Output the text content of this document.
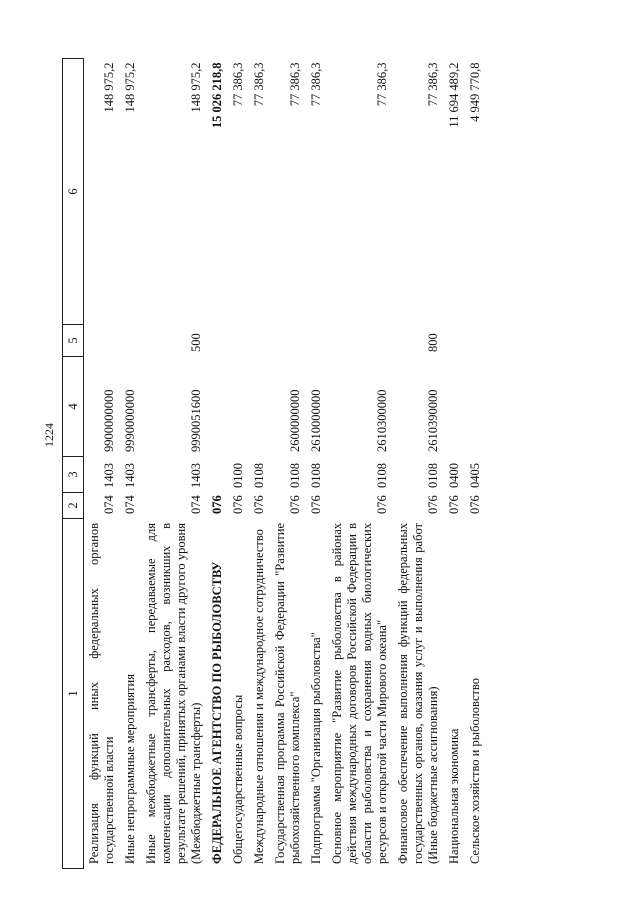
1224
1	2	3	4	5	6
Реализация функций иных федеральных органов государственной власти	074	1403	9900000000		148 975,2
Иные непрограммные мероприятия	074	1403	9990000000		148 975,2
Иные межбюджетные трансферты, передаваемые для компенсации дополнительных расходов, возникших в результате решений, принятых органами власти другого уровня (Межбюджетные трансферты)	074	1403	9990051600	500	148 975,2
ФЕДЕРАЛЬНОЕ АГЕНТСТВО ПО РЫБОЛОВСТВУ	076				15 026 218,8
Общегосударственные вопросы	076	0100			77 386,3
Международные отношения и международное сотрудничество	076	0108			77 386,3
Государственная программа Российской Федерации "Развитие рыбохозяйственного комплекса"	076	0108	2600000000		77 386,3
Подпрограмма "Организация рыболовства"	076	0108	2610000000		77 386,3
Основное мероприятие "Развитие рыболовства в районах действия международных договоров Российской Федерации в области рыболовства и сохранения водных биологических ресурсов и открытой части Мирового океана"	076	0108	2610300000		77 386,3
Финансовое обеспечение выполнения функций федеральных государственных органов, оказания услуг и выполнения работ (Иные бюджетные ассигнования)	076	0108	2610390000	800	77 386,3
Национальная экономика	076	0400			11 694 489,2
Сельское хозяйство и рыболовство	076	0405			4 949 770,8
